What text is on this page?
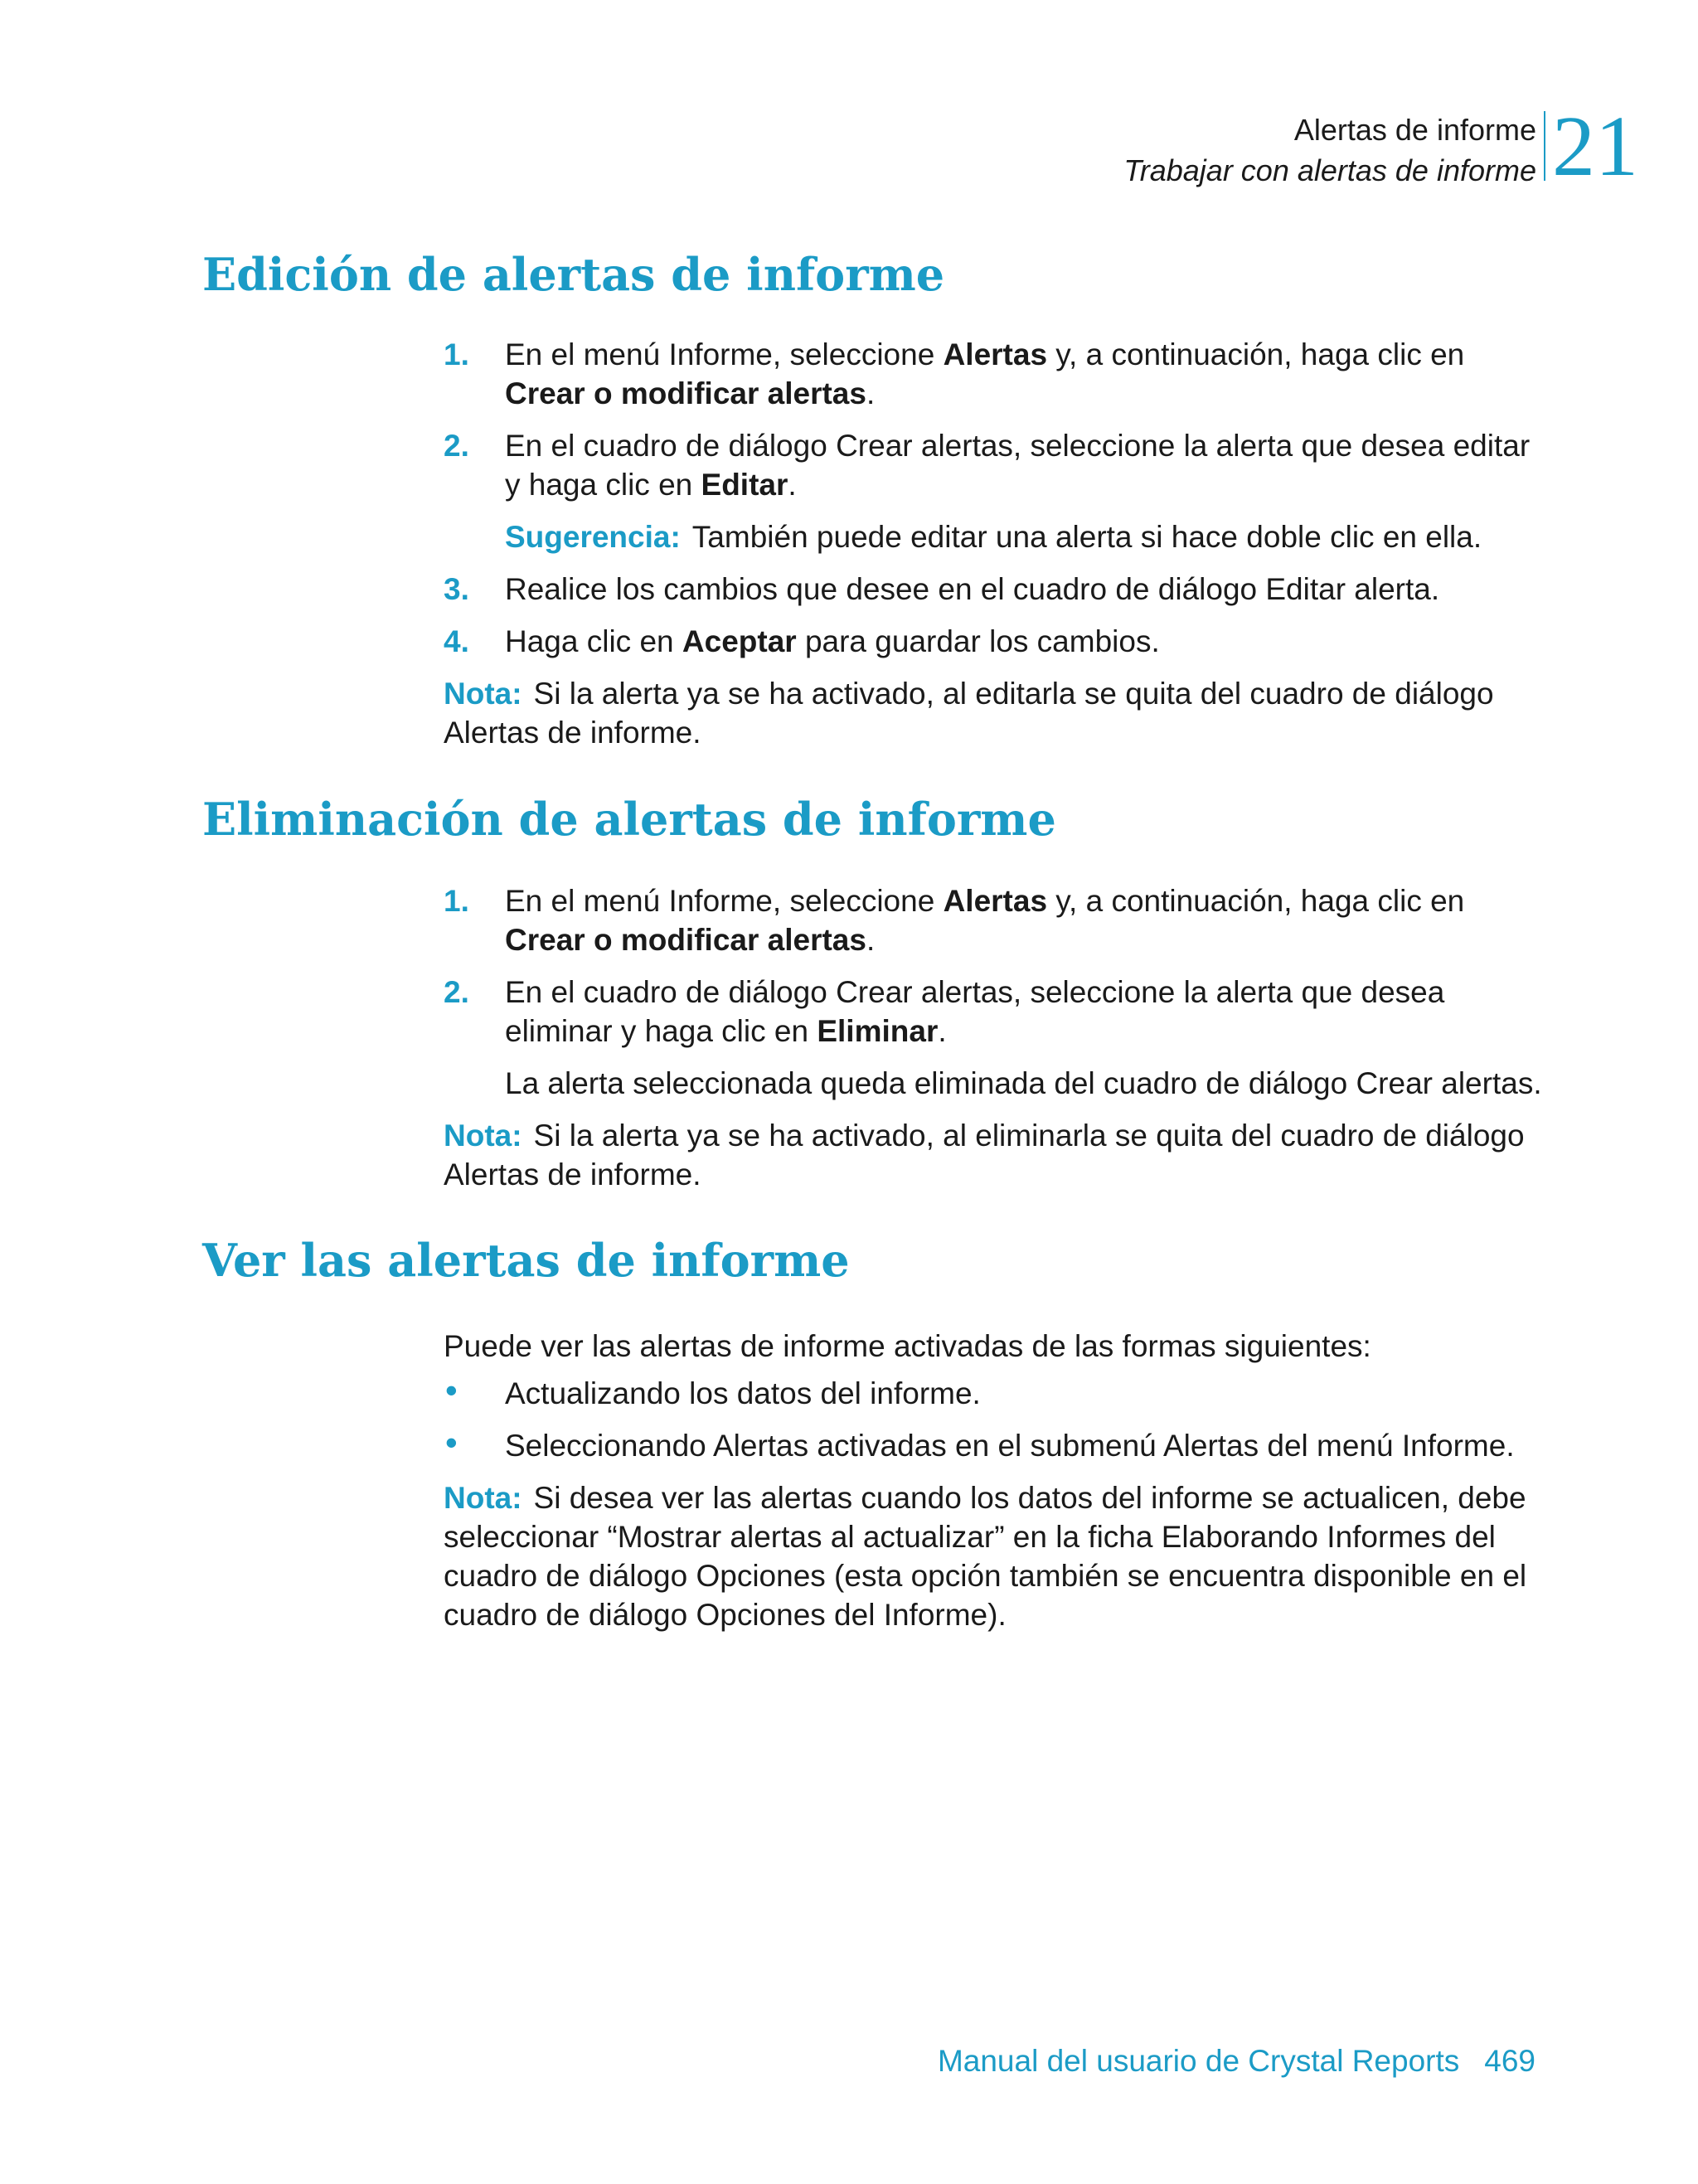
Alertas de informe
Trabajar con alertas de informe 21
Edición de alertas de informe
1. En el menú Informe, seleccione Alertas y, a continuación, haga clic en Crear o modificar alertas.
2. En el cuadro de diálogo Crear alertas, seleccione la alerta que desea editar y haga clic en Editar.
Sugerencia: También puede editar una alerta si hace doble clic en ella.
3. Realice los cambios que desee en el cuadro de diálogo Editar alerta.
4. Haga clic en Aceptar para guardar los cambios.
Nota: Si la alerta ya se ha activado, al editarla se quita del cuadro de diálogo Alertas de informe.
Eliminación de alertas de informe
1. En el menú Informe, seleccione Alertas y, a continuación, haga clic en Crear o modificar alertas.
2. En el cuadro de diálogo Crear alertas, seleccione la alerta que desea eliminar y haga clic en Eliminar.
La alerta seleccionada queda eliminada del cuadro de diálogo Crear alertas.
Nota: Si la alerta ya se ha activado, al eliminarla se quita del cuadro de diálogo Alertas de informe.
Ver las alertas de informe
Puede ver las alertas de informe activadas de las formas siguientes:
• Actualizando los datos del informe.
• Seleccionando Alertas activadas en el submenú Alertas del menú Informe.
Nota: Si desea ver las alertas cuando los datos del informe se actualicen, debe seleccionar “Mostrar alertas al actualizar” en la ficha Elaborando Informes del cuadro de diálogo Opciones (esta opción también se encuentra disponible en el cuadro de diálogo Opciones del Informe).
Manual del usuario de Crystal Reports 469
